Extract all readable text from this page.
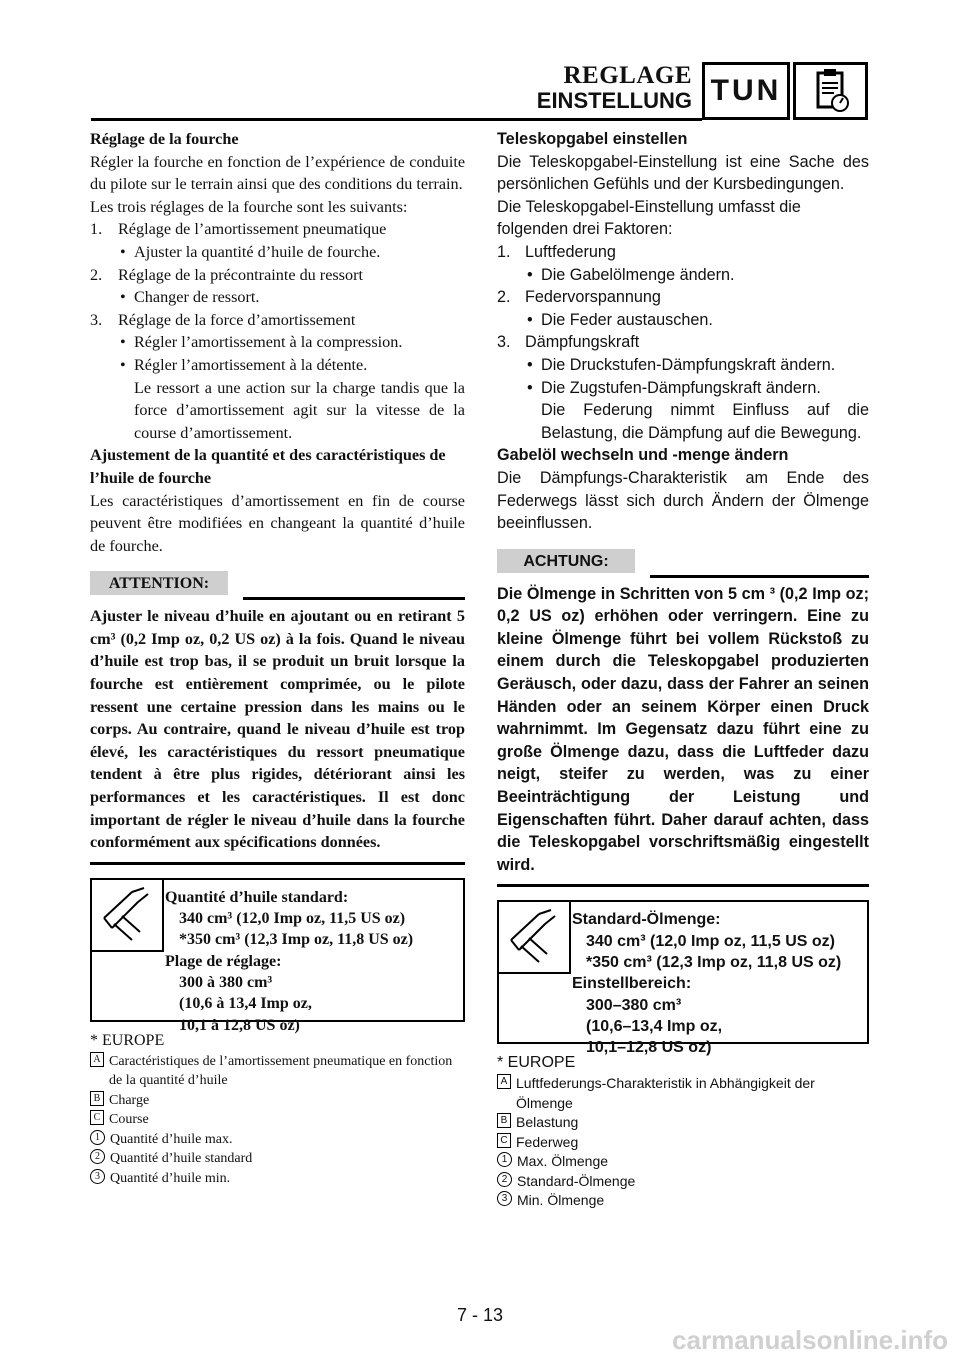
REGLAGE
EINSTELLUNG TUN

Réglage de la fourche

Régler la fourche en fonction de l’expérience de conduite du pilote sur le terrain ainsi que des conditions du terrain.

Les trois réglages de la fourche sont les suivants:

1. Réglage de l’amortissement pneumatique
• Ajuster la quantité d’huile de fourche.
2. Réglage de la précontrainte du ressort
• Changer de ressort.
3. Réglage de la force d’amortissement
• Régler l’amortissement à la compression.
• Régler l’amortissement à la détente.

Le ressort a une action sur la charge tandis que la force d’amortissement agit sur la vitesse de la course d’amortissement.

Ajustement de la quantité et des caractéristiques de l’huile de fourche

Les caractéristiques d’amortissement en fin de course peuvent être modifiées en changeant la quantité d’huile de fourche.

ATTENTION:

Ajuster le niveau d’huile en ajoutant ou en retirant 5 cm³ (0,2 Imp oz, 0,2 US oz) à la fois. Quand le niveau d’huile est trop bas, il se produit un bruit lorsque la fourche est entièrement comprimée, ou le pilote ressent une certaine pression dans les mains ou le corps. Au contraire, quand le niveau d’huile est trop élevé, les caractéristiques du ressort pneumatique tendent à être plus rigides, détériorant ainsi les performances et les caractéristiques. Il est donc important de régler le niveau d’huile dans la fourche conformément aux spécifications données.

Quantité d’huile standard:
340 cm³ (12,0 Imp oz, 11,5 US oz)
*350 cm³ (12,3 Imp oz, 11,8 US oz)
Plage de réglage:
300 à 380 cm³
(10,6 à 13,4 Imp oz,
10,1 à 12,8 US oz)
* EUROPE
A Caractéristiques de l’amortissement pneumatique en fonction de la quantité d’huile
B Charge
C Course
1 Quantité d’huile max.
2 Quantité d’huile standard
3 Quantité d’huile min.

Teleskopgabel einstellen

Die Teleskopgabel-Einstellung ist eine Sache des persönlichen Gefühls und der Kursbedingungen.

Die Teleskopgabel-Einstellung umfasst die folgenden drei Faktoren:

1. Luftfederung
• Die Gabelölmenge ändern.
2. Federvorspannung
• Die Feder austauschen.
3. Dämpfungskraft
• Die Druckstufen-Dämpfungskraft ändern.
• Die Zugstufen-Dämpfungskraft ändern.

Die Federung nimmt Einfluss auf die Belastung, die Dämpfung auf die Bewegung.

Gabelöl wechseln und -menge ändern

Die Dämpfungs-Charakteristik am Ende des Federwegs lässt sich durch Ändern der Ölmenge beeinflussen.

ACHTUNG:

Die Ölmenge in Schritten von 5 cm ³ (0,2 Imp oz; 0,2 US oz) erhöhen oder verringern. Eine zu kleine Ölmenge führt bei vollem Rückstoß zu einem durch die Teleskopgabel produzierten Geräusch, oder dazu, dass der Fahrer an seinen Händen oder an seinem Körper einen Druck wahrnimmt. Im Gegensatz dazu führt eine zu große Ölmenge dazu, dass die Luftfeder dazu neigt, steifer zu werden, was zu einer Beeinträchtigung der Leistung und Eigenschaften führt. Daher darauf achten, dass die Teleskopgabel vorschriftsmäßig eingestellt wird.

Standard-Ölmenge:
340 cm³ (12,0 Imp oz, 11,5 US oz)
*350 cm³ (12,3 Imp oz, 11,8 US oz)
Einstellbereich:
300–380 cm³
(10,6–13,4 Imp oz,
10,1–12,8 US oz)
* EUROPE
A Luftfederungs-Charakteristik in Abhängigkeit der Ölmenge
B Belastung
C Federweg
1 Max. Ölmenge
2 Standard-Ölmenge
3 Min. Ölmenge
7 - 13
carmanualsonline.info
